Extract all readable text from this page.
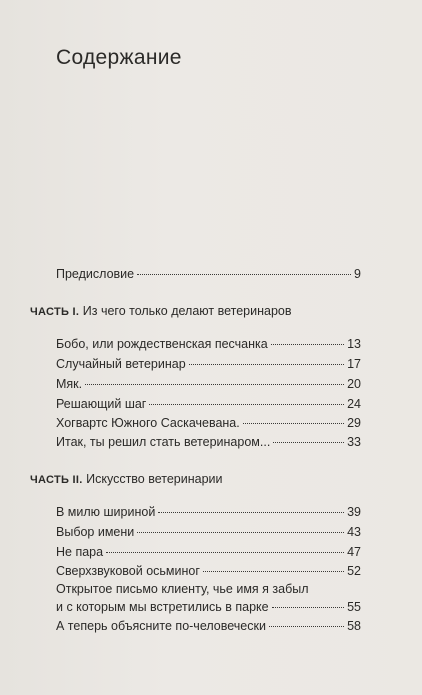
Содержание
Предисловие	9
ЧАСТЬ I. Из чего только делают ветеринаров
Бобо, или рождественская песчанка	13
Случайный ветеринар	17
Мяк.	20
Решающий шаг	24
Хогвартс Южного Саскачевана.	29
Итак, ты решил стать ветеринаром...	33
ЧАСТЬ II. Искусство ветеринарии
В милю шириной	39
Выбор имени	43
Не пара	47
Сверхзвуковой осьминог	52
Открытое письмо клиенту, чье имя я забыл
и с которым мы встретились в парке	55
А теперь объясните по-человечески	58
